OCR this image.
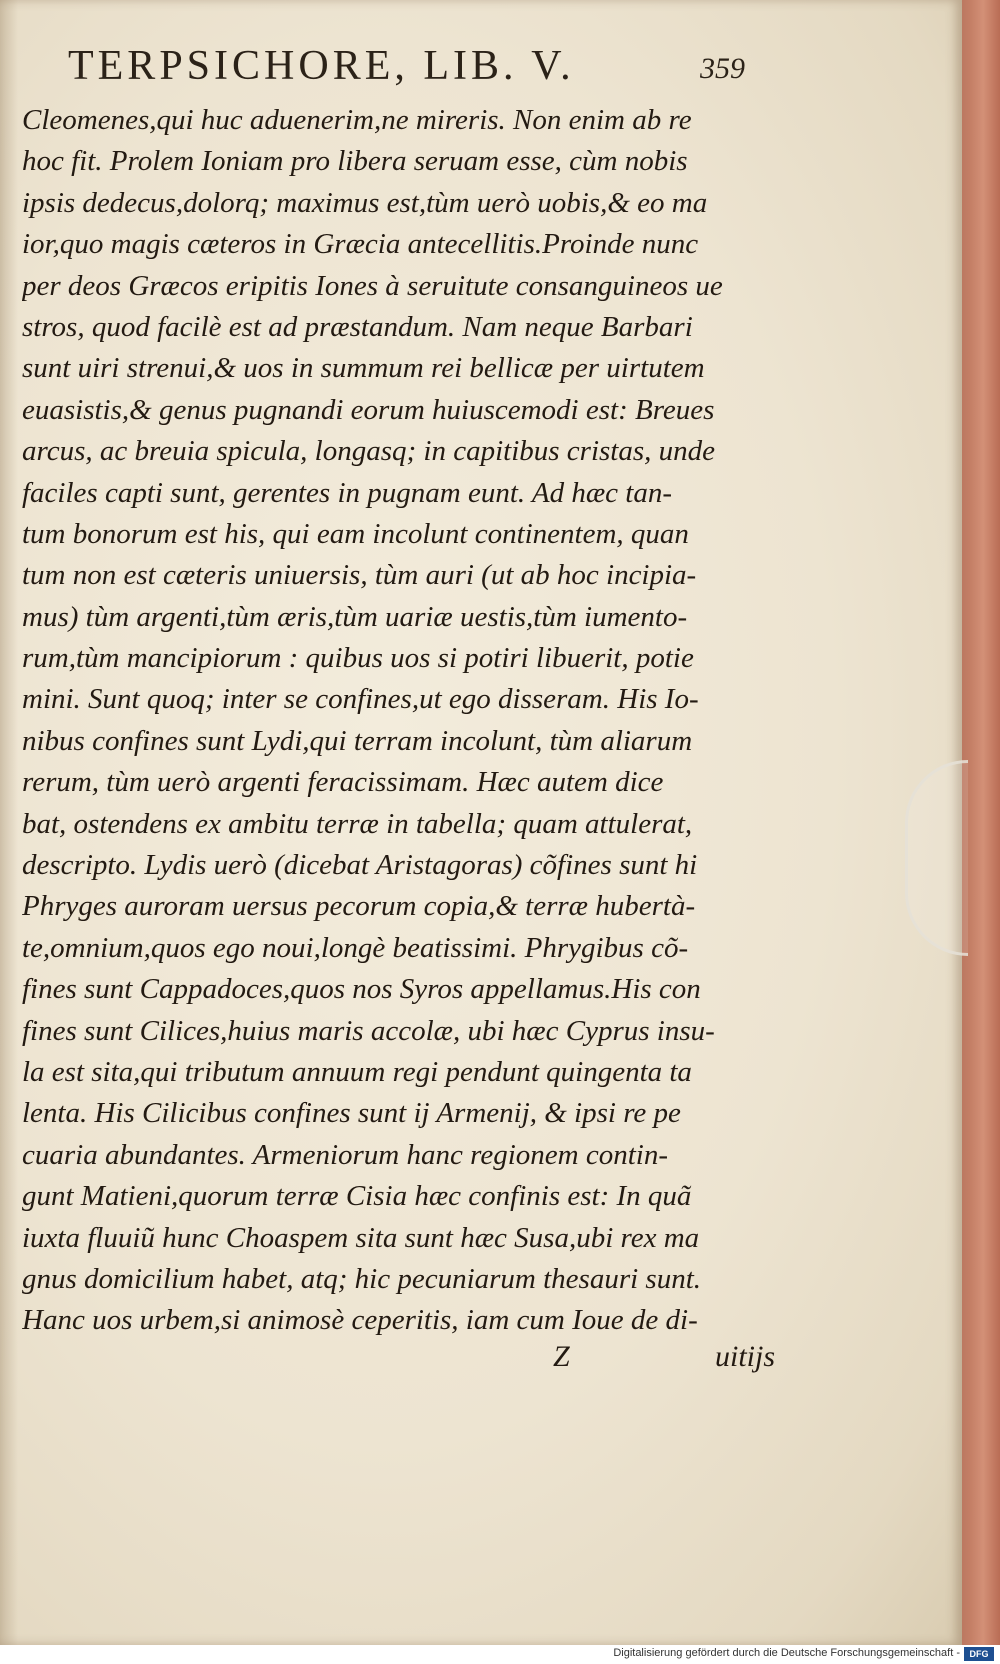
TERPSICHORE, LIB. V.	359
Cleomenes,qui huc aduenerim,ne mireris. Non enim ab re
hoc fit. Prolem Ioniam pro libera seruam esse, cùm nobis
ipsis dedecus,dolorq; maximus est,tùm uerò uobis,& eo ma
ior,quo magis cæteros in Græcia antecellitis.Proinde nunc
per deos Græcos eripitis Iones à seruitute consanguineos ue
stros, quod facilè est ad præstandum. Nam neque Barbari
sunt uiri strenui,& uos in summum rei bellicæ per uirtutem
euasistis,& genus pugnandi eorum huiuscemodi est: Breues
arcus, ac breuia spicula, longasq; in capitibus cristas, unde
faciles capti sunt, gerentes in pugnam eunt. Ad hæc tan-
tum bonorum est his, qui eam incolunt continentem, quan
tum non est cæteris uniuersis, tùm auri (ut ab hoc incipia-
mus) tùm argenti,tùm æris,tùm uariæ uestis,tùm iumento-
rum,tùm mancipiorum : quibus uos si potiri libuerit, potie
mini. Sunt quoq; inter se confines,ut ego disseram. His Io-
nibus confines sunt Lydi,qui terram incolunt, tùm aliarum
rerum, tùm uerò argenti feracissimam. Hæc autem dice
bat, ostendens ex ambitu terræ in tabella; quam attulerat,
descripto. Lydis uerò (dicebat Aristagoras) cõfines sunt hi
Phryges auroram uersus pecorum copia,& terræ hubertà-
te,omnium,quos ego noui,longè beatissimi. Phrygibus cõ-
fines sunt Cappadoces,quos nos Syros appellamus.His con
fines sunt Cilices,huius maris accolæ, ubi hæc Cyprus insu-
la est sita,qui tributum annuum regi pendunt quingenta ta
lenta. His Cilicibus confines sunt ij Armenij, & ipsi re pe
cuaria abundantes. Armeniorum hanc regionem contin-
gunt Matieni,quorum terræ Cisia hæc confinis est: In quã
iuxta fluuiũ hunc Choaspem sita sunt hæc Susa,ubi rex ma
gnus domicilium habet, atq; hic pecuniarum thesauri sunt.
Hanc uos urbem,si animosè ceperitis, iam cum Ioue de di-
Z	uitijs
Digitalisierung gefördert durch die Deutsche Forschungsgemeinschaft -	DFG
